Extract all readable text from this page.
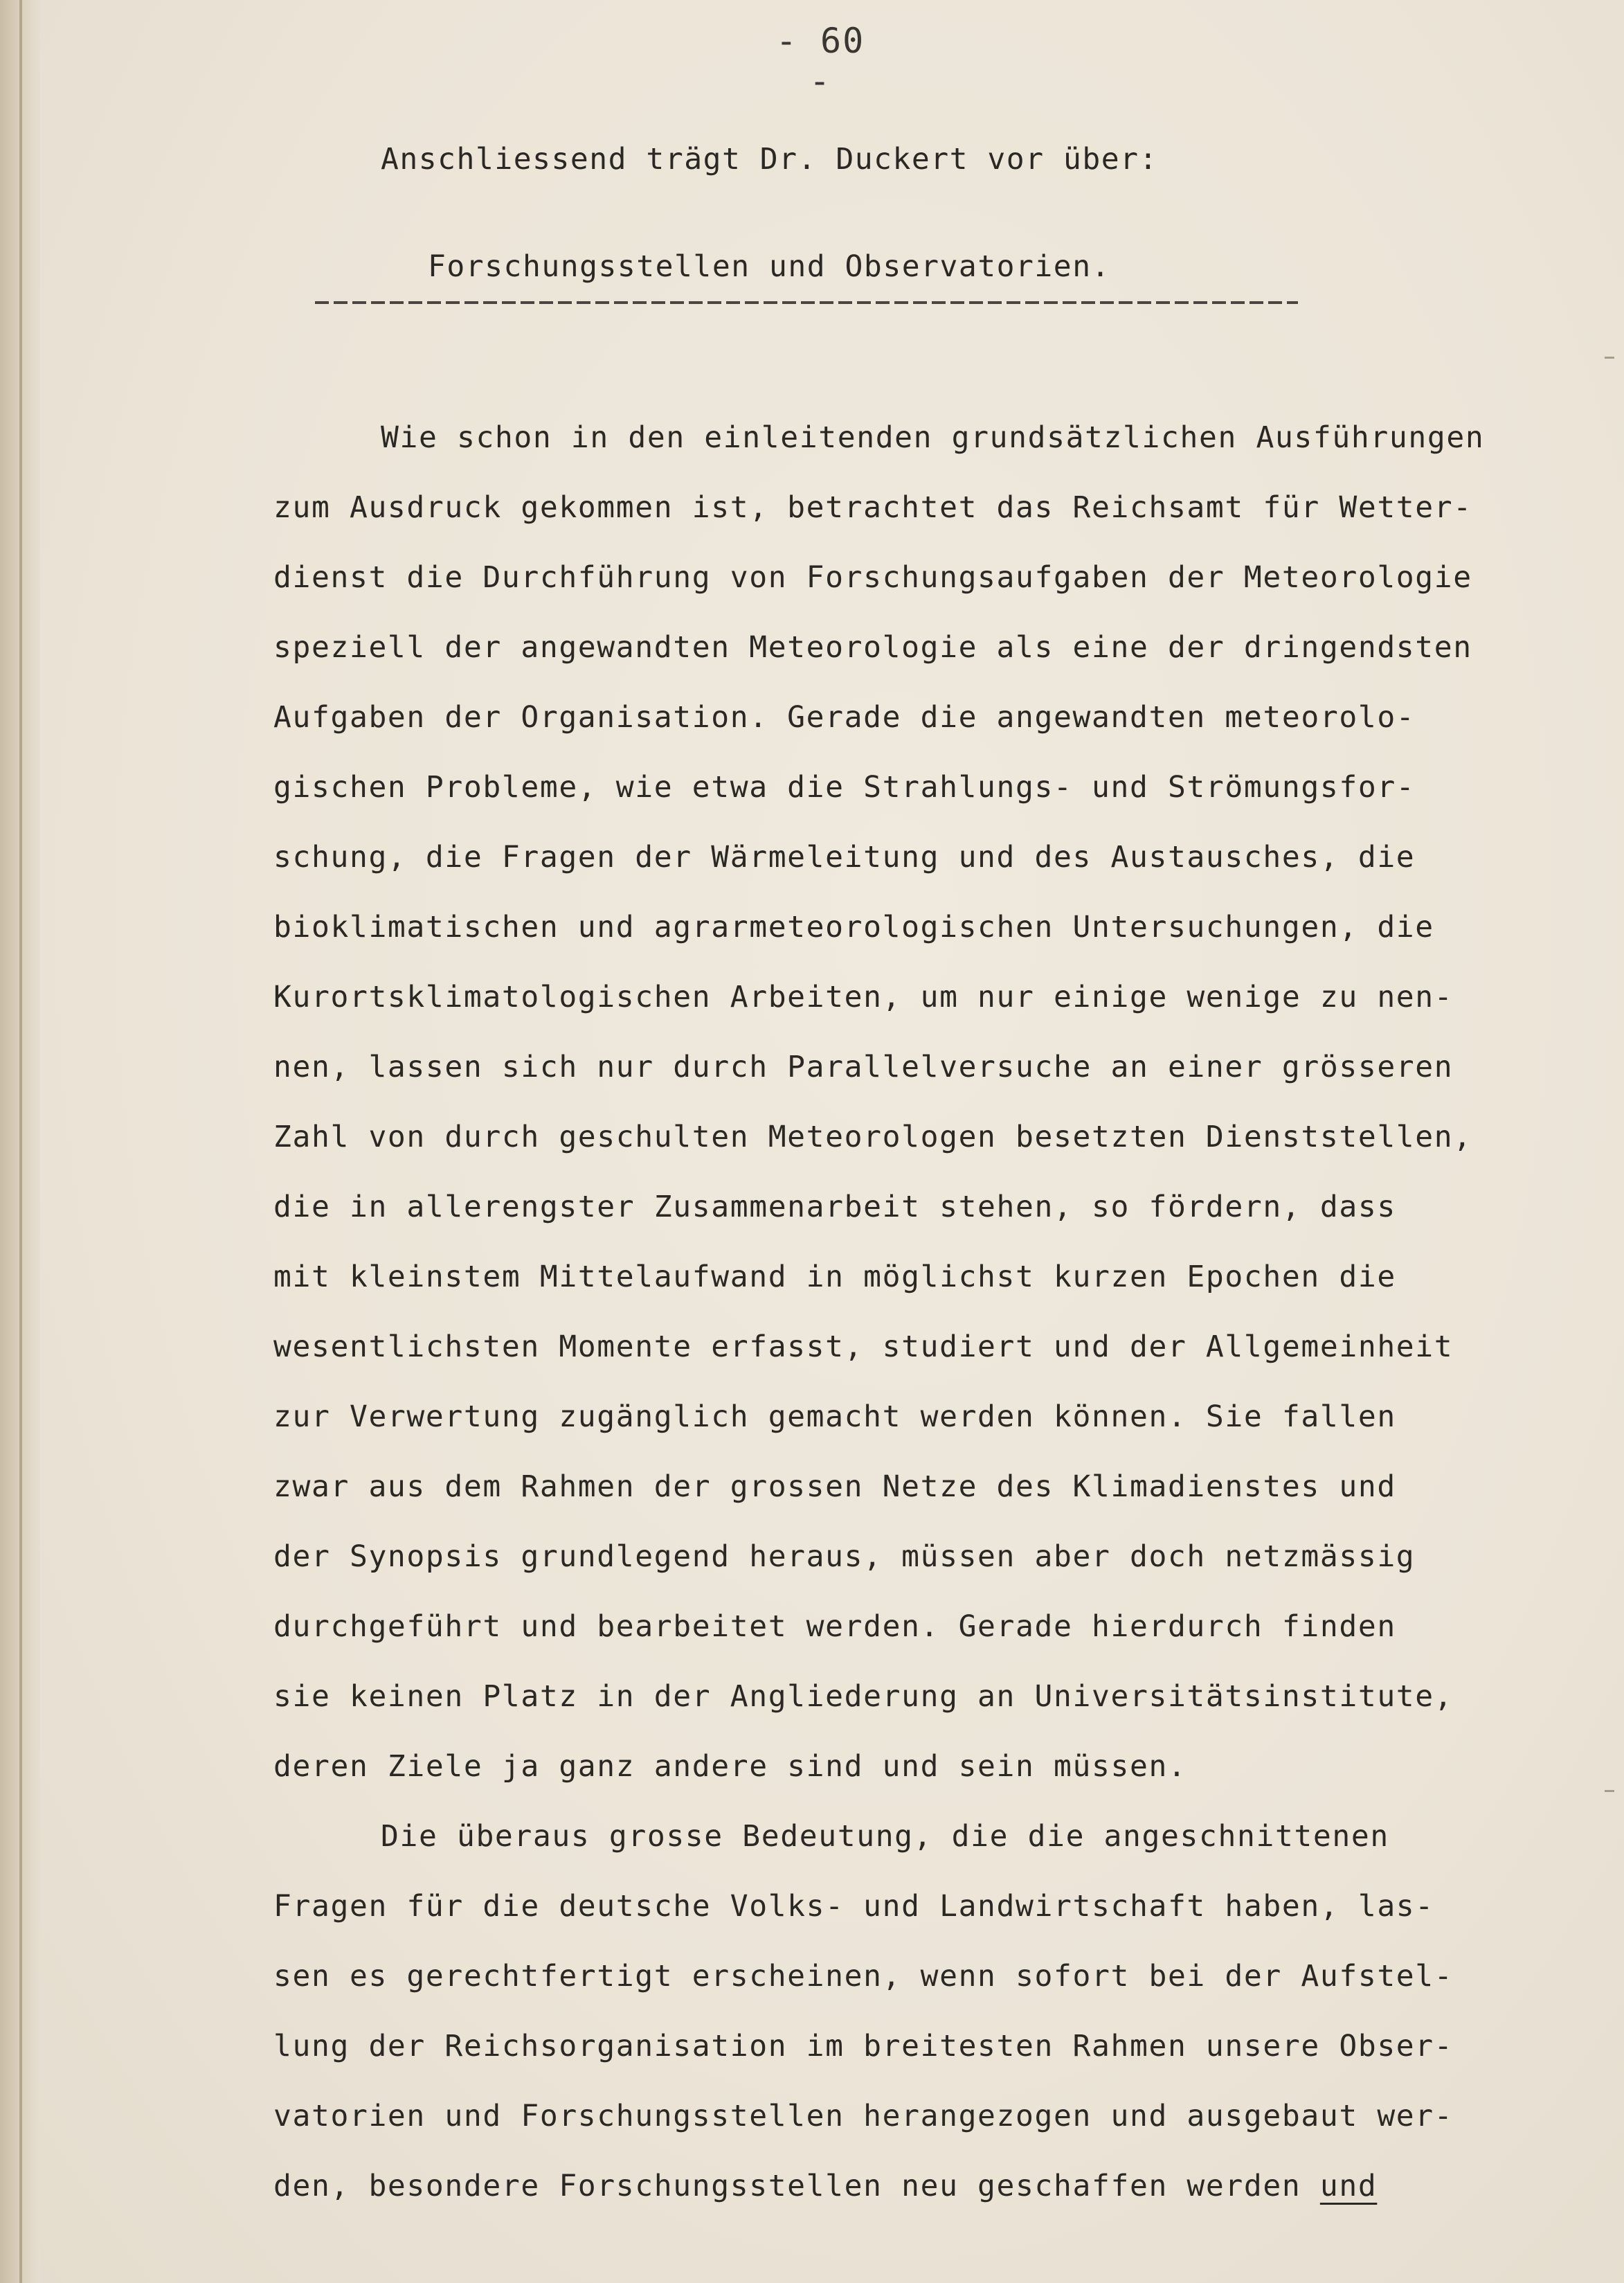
- 60 -
Anschliessend trägt Dr. Duckert vor über:
Forschungsstellen und Observatorien.
Wie schon in den einleitenden grundsätzlichen Ausführungen
zum Ausdruck gekommen ist, betrachtet das Reichsamt für Wetter-
dienst die Durchführung von Forschungsaufgaben der Meteorologie
speziell der angewandten Meteorologie als eine der dringendsten
Aufgaben der Organisation. Gerade die angewandten meteorolo-
gischen Probleme, wie etwa die Strahlungs- und Strömungsfor-
schung, die Fragen der Wärmeleitung und des Austausches, die
bioklimatischen und agrarmeteorologischen Untersuchungen, die
Kurortsklimatologischen Arbeiten, um nur einige wenige zu nen-
nen, lassen sich nur durch Parallelversuche an einer grösseren
Zahl von durch geschulten Meteorologen besetzten Dienststellen,
die in allerengster Zusammenarbeit stehen, so fördern, dass
mit kleinstem Mittelaufwand in möglichst kurzen Epochen die
wesentlichsten Momente erfasst, studiert und der Allgemeinheit
zur Verwertung zugänglich gemacht werden können. Sie fallen
zwar aus dem Rahmen der grossen Netze des Klimadienstes und
der Synopsis grundlegend heraus, müssen aber doch netzmässig
durchgeführt und bearbeitet werden. Gerade hierdurch finden
sie keinen Platz in der Angliederung an Universitätsinstitute,
deren Ziele ja ganz andere sind und sein müssen.
Die überaus grosse Bedeutung, die die angeschnittenen
Fragen für die deutsche Volks- und Landwirtschaft haben, las-
sen es gerechtfertigt erscheinen, wenn sofort bei der Aufstel-
lung der Reichsorganisation im breitesten Rahmen unsere Obser-
vatorien und Forschungsstellen herangezogen und ausgebaut wer-
den, besondere Forschungsstellen neu geschaffen werden und
